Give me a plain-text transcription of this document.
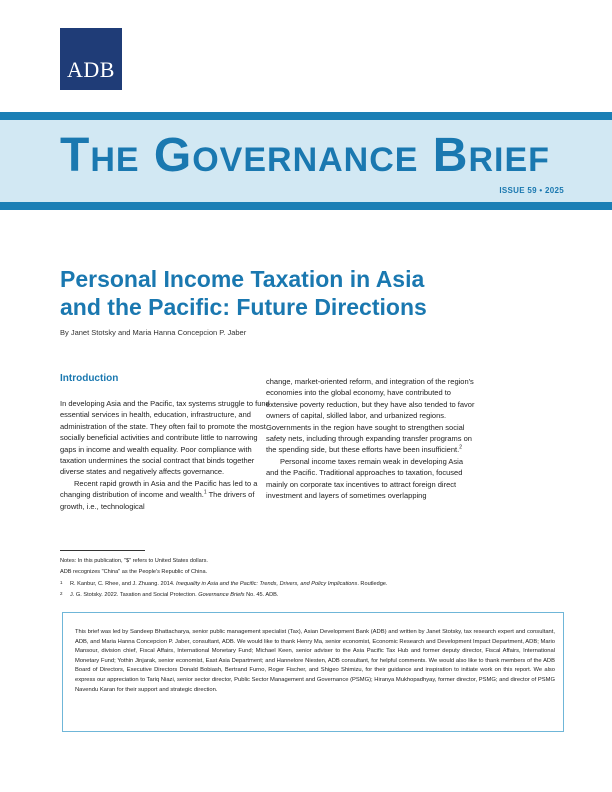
ADB
The Governance Brief
ISSUE 59 • 2025
Personal Income Taxation in Asia
and the Pacific: Future Directions
By Janet Stotsky and Maria Hanna Concepcion P. Jaber
Introduction

In developing Asia and the Pacific, tax systems struggle to fund essential services in health, education, infrastructure, and administration of the state. They often fail to promote the most socially beneficial activities and contribute little to narrowing gaps in income and wealth equality. Poor compliance with taxation undermines the social contract that binds together diverse states and negatively affects governance.

Recent rapid growth in Asia and the Pacific has led to a changing distribution of income and wealth.$^1$ The drivers of growth, i.e., technological

change, market-oriented reform, and integration of the region's economies into the global economy, have contributed to extensive poverty reduction, but they have also tended to favor owners of capital, skilled labor, and urbanized regions. Governments in the region have sought to strengthen social safety nets, including through expanding transfer programs on the spending side, but these efforts have been insufficient.$^2$

Personal income taxes remain weak in developing Asia and the Pacific. Traditional approaches to taxation, focused mainly on corporate tax incentives to attract foreign direct investment and layers of sometimes overlapping

Notes: In this publication, "$" refers to United States dollars.
ADB recognizes "China" as the People's Republic of China.
1 R. Kanbur, C. Rhee, and J. Zhuang. 2014. Inequality in Asia and the Pacific: Trends, Drivers, and Policy Implications. Routledge.
2 J. G. Stotsky. 2022. Taxation and Social Protection. Governance Briefs No. 45. ADB.
This brief was led by Sandeep Bhattacharya, senior public management specialist (Tax), Asian Development Bank (ADB) and written by Janet Stotsky, tax research expert and consultant, ADB, and Maria Hanna Concepcion P. Jaber, consultant, ADB. We would like to thank Henry Ma, senior economist, Economic Research and Development Impact Department, ADB; Mario Mansour, division chief, Fiscal Affairs, International Monetary Fund; Michael Keen, senior adviser to the Asia Pacific Tax Hub and former deputy director, Fiscal Affairs, International Monetary Fund; Yothin Jinjarak, senior economist, East Asia Department; and Hannelore Niesten, ADB consultant, for helpful comments. We would also like to thank members of the ADB Board of Directors, Executive Directors Donald Bobiash, Bertrand Furno, Roger Fischer, and Shigeo Shimizu, for their guidance and inspiration to initiate work on this report. We also express our appreciation to Tariq Niazi, senior sector director, Public Sector Management and Governance (PSMG); Hiranya Mukhopadhyay, former director, PSMG; and director of PSMG Navendu Karan for their support and strategic direction.
